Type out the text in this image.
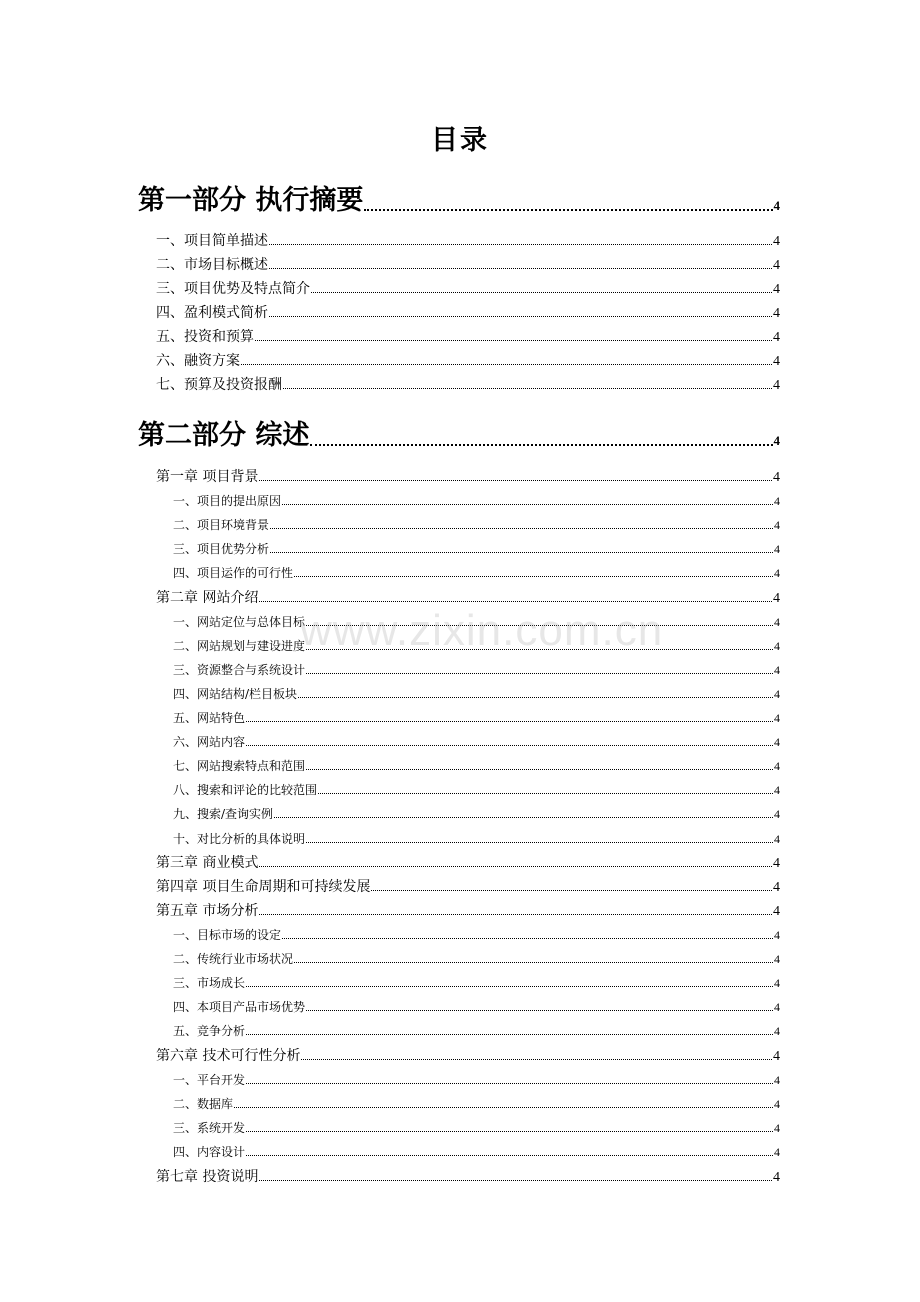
目录
第一部分 执行摘要	4
一、项目简单描述	4
二、市场目标概述	4
三、项目优势及特点简介	4
四、盈利模式简析	4
五、投资和预算	4
六、融资方案	4
七、预算及投资报酬	4
第二部分 综述	4
第一章 项目背景	4
一、项目的提出原因	4
二、项目环境背景	4
三、项目优势分析	4
四、项目运作的可行性	4
第二章 网站介绍	4
一、网站定位与总体目标	4
二、网站规划与建设进度	4
三、资源整合与系统设计	4
四、网站结构/栏目板块	4
五、网站特色	4
六、网站内容	4
七、网站搜索特点和范围	4
八、搜索和评论的比较范围	4
九、搜索/查询实例	4
十、对比分析的具体说明	4
第三章 商业模式	4
第四章 项目生命周期和可持续发展	4
第五章 市场分析	4
一、目标市场的设定	4
二、传统行业市场状况	4
三、市场成长	4
四、本项目产品市场优势	4
五、竞争分析	4
第六章 技术可行性分析	4
一、平台开发	4
二、数据库	4
三、系统开发	4
四、内容设计	4
第七章 投资说明	4
www.zixin.com.cn
